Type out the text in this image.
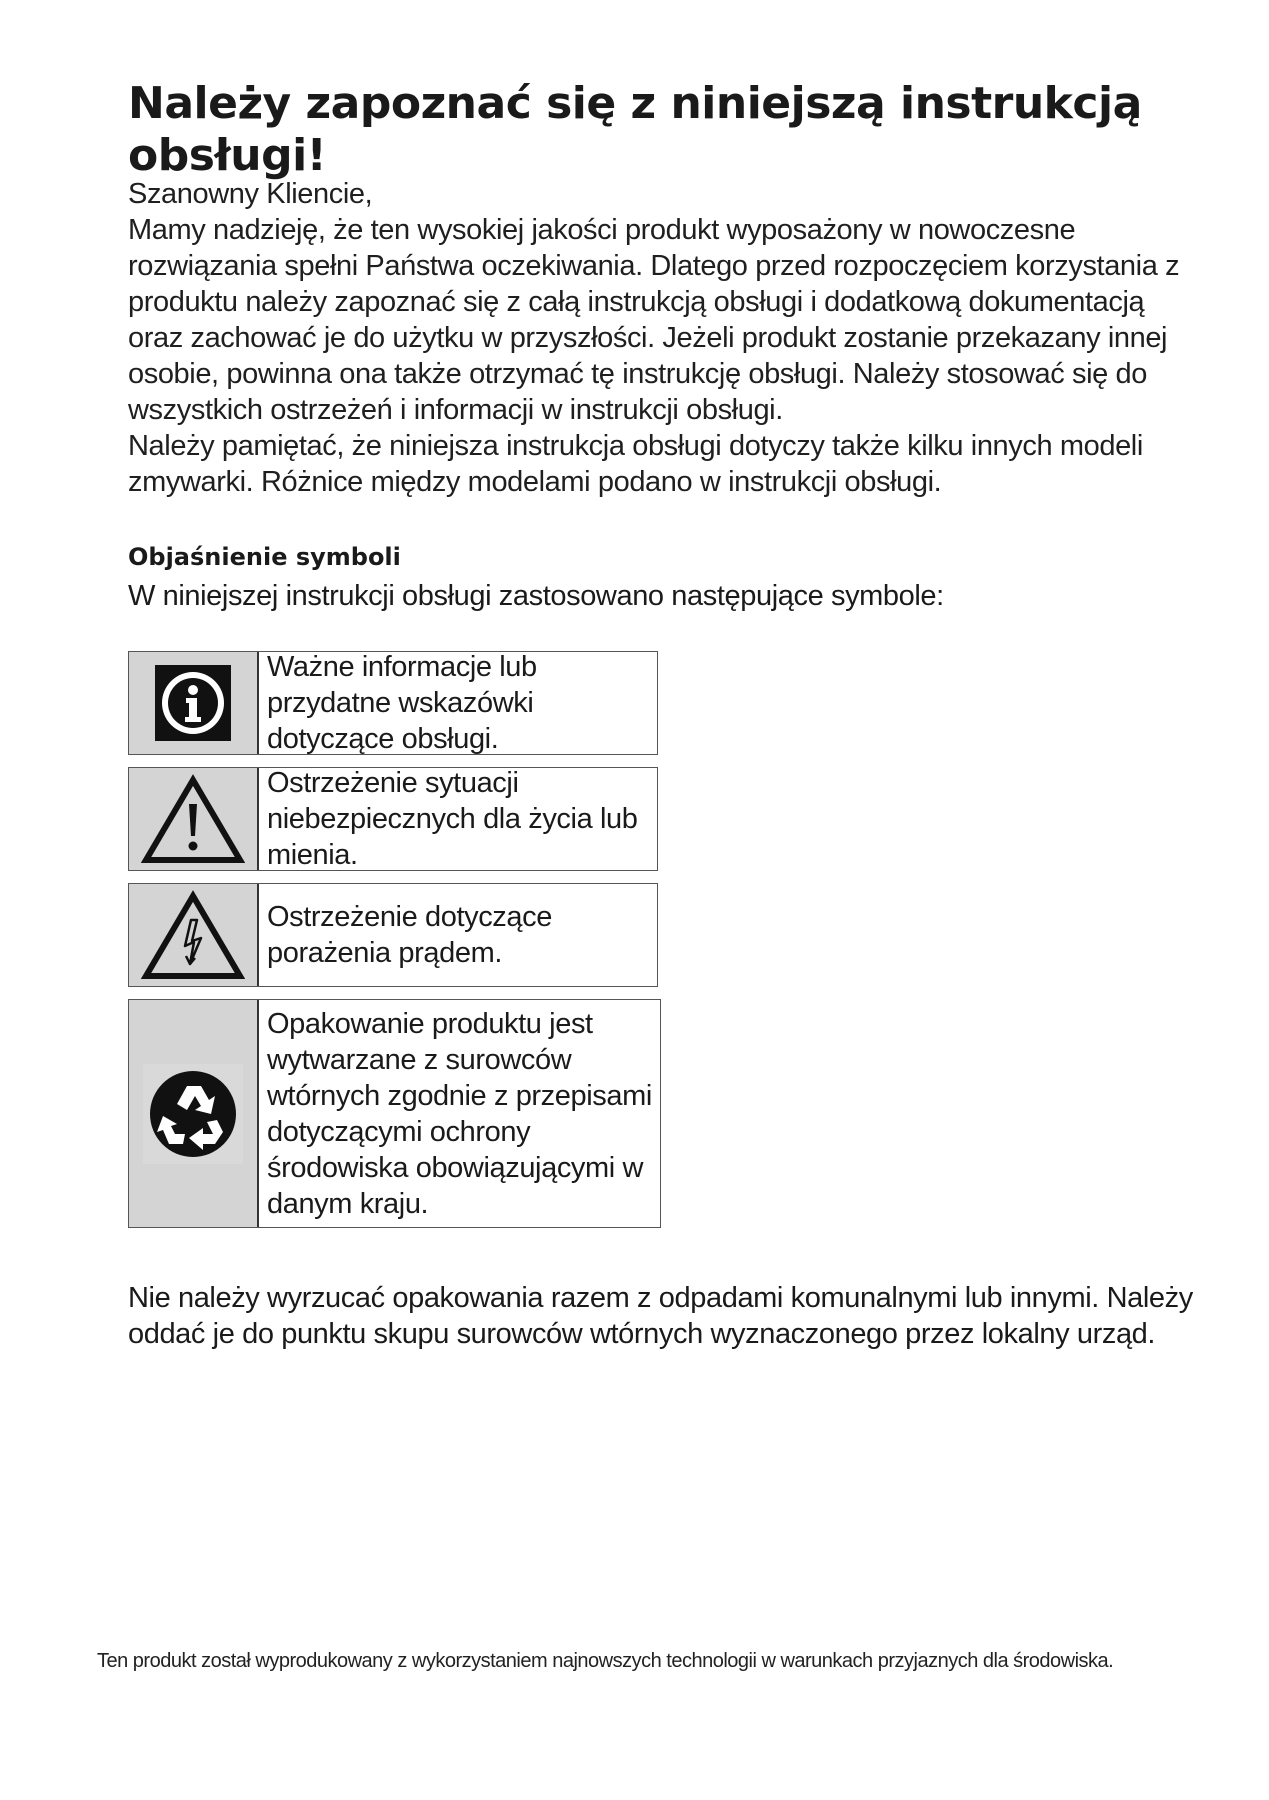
Należy zapoznać się z niniejszą instrukcją obsługi!

Szanowny Kliencie,

Mamy nadzieję, że ten wysokiej jakości produkt wyposażony w nowoczesne rozwiązania spełni Państwa oczekiwania. Dlatego przed rozpoczęciem korzystania z produktu należy zapoznać się z całą instrukcją obsługi i dodatkową dokumentacją oraz zachować je do użytku w przyszłości. Jeżeli produkt zostanie przekazany innej osobie, powinna ona także otrzymać tę instrukcję obsługi. Należy stosować się do wszystkich ostrzeżeń i informacji w instrukcji obsługi.

Należy pamiętać, że niniejsza instrukcja obsługi dotyczy także kilku innych modeli zmywarki. Różnice między modelami podano w instrukcji obsługi.

Objaśnienie symboli

W niniejszej instrukcji obsługi zastosowano następujące symbole:

Ważne informacje lub przydatne wskazówki dotyczące obsługi.
Ostrzeżenie sytuacji niebezpiecznych dla życia lub mienia.
Ostrzeżenie dotyczące porażenia prądem.
Opakowanie produktu jest wytwarzane z surowców wtórnych zgodnie z przepisami dotyczącymi ochrony środowiska obowiązującymi w danym kraju.

Nie należy wyrzucać opakowania razem z odpadami komunalnymi lub innymi. Należy oddać je do punktu skupu surowców wtórnych wyznaczonego przez lokalny urząd.

Ten produkt został wyprodukowany z wykorzystaniem najnowszych technologii w warunkach przyjaznych dla środowiska.
